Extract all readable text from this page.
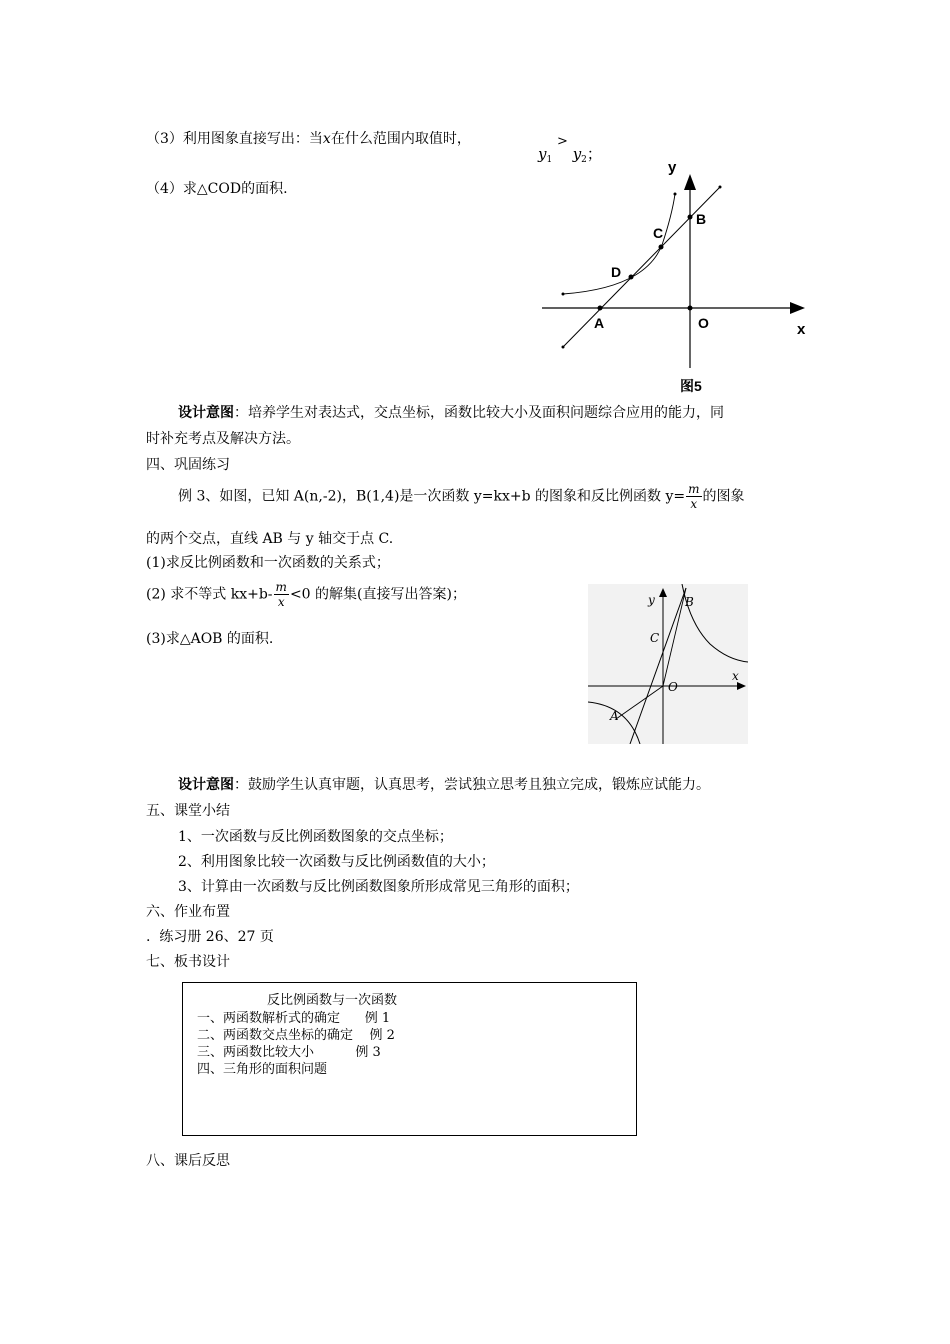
（3）利用图象直接写出：当x在什么范围内取值时，
$y_1 > y_2$；
（4）求△COD的面积.
y
x
B
C
D
A	O
图5
设计意图：培养学生对表达式，交点坐标，函数比较大小及面积问题综合应用的能力，同
时补充考点及解决方法。
四、巩固练习
例 3、如图，已知 A(n,-2)，B(1,4)是一次函数 y=kx+b 的图象和反比例函数 $y= \frac{m}{x}$ 的图象
的两个交点，直线 AB 与 y 轴交于点 C.
(1)求反比例函数和一次函数的关系式；
(2) 求不等式 $kx+b- \frac{m}{x} <0$ 的解集(直接写出答案)；
(3)求△AOB 的面积.
y
x
B
C
O
A
设计意图：鼓励学生认真审题，认真思考，尝试独立思考且独立完成，锻炼应试能力。
五、课堂小结
1、一次函数与反比例函数图象的交点坐标；
2、利用图象比较一次函数与反比例函数值的大小；
3、计算由一次函数与反比例函数图象所形成常见三角形的面积；
六、作业布置
.  练习册 26、27 页
七、板书设计
反比例函数与一次函数
一、两函数解析式的确定      例 1
二、两函数交点坐标的确定    例 2
三、两函数比较大小          例 3
四、三角形的面积问题
八、课后反思
